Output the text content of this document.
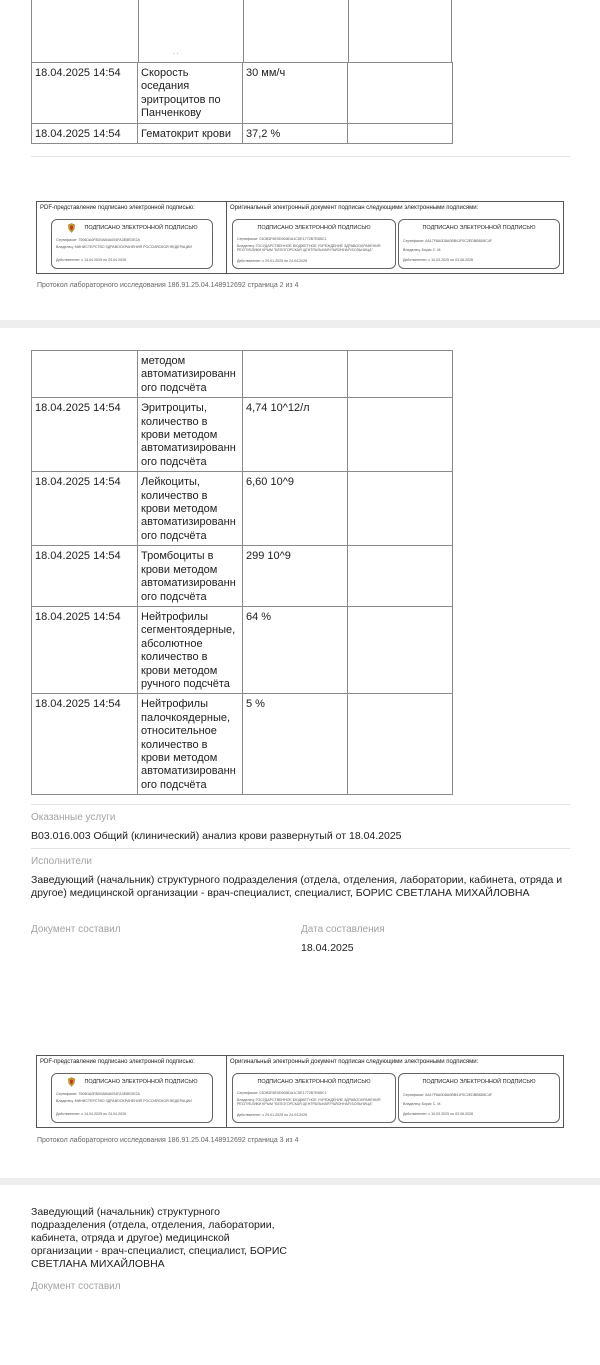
· ·
18.04.2025 14:54	Скорость оседания эритроцитов по Панченкову	30 мм/ч	
18.04.2025 14:54	Гематокрит крови	37,2 %	
PDF-представление подписано электронной подписью:
ПОДПИСАНО ЭЛЕКТРОННОЙ ПОДПИСЬЮ
Сертификат: 7506DA0F8D0AB4A004FA3E8EDE2A
Владелец: МИНИСТЕРСТВО ЗДРАВООХРАНЕНИЯ РОССИЙСКОЙ ФЕДЕРАЦИИ
Действителен: с 14.04.2025 по 24.04.2026
Оригинальный электронный документ подписан следующими электронными подписями:
ПОДПИСАНО ЭЛЕКТРОННОЙ ПОДПИСЬЮ
Сертификат: 01DB3F6E0D9D8DA1CDE1772B7E6BC1
Владелец: ГОСУДАРСТВЕННОЕ БЮДЖЕТНОЕ УЧРЕЖДЕНИЕ ЗДРАВООХРАНЕНИЯ РЕСПУБЛИКИ КРЫМ "БЕЛОГОРСКАЯ ЦЕНТРАЛЬНАЯ РАЙОННАЯ БОЛЬНИЦА"
Действителен: с 29.01.2025 по 24.04.2026
ПОДПИСАНО ЭЛЕКТРОННОЙ ПОДПИСЬЮ
Сертификат: 6A17F8A0D8A0BB41F0C2EDBB8D8C4F
Владелец: Борис С. М.
Действителен: с 10.03.2025 по 03.06.2026
Протокол лабораторного исследования 186.91.25.04.148912692 страница 2 из 4
	методом автоматизированн ого подсчёта		
18.04.2025 14:54	Эритроциты, количество в крови методом автоматизированн ого подсчёта	4,74 10^12/л	
18.04.2025 14:54	Лейкоциты, количество в крови методом автоматизированн ого подсчёта	6,60 10^9	
18.04.2025 14:54	Тромбоциты в крови методом автоматизированн ого подсчёта	299 10^9	
18.04.2025 14:54	Нейтрофилы сегментоядерные, абсолютное количество в крови методом ручного подсчёта	64 %	
18.04.2025 14:54	Нейтрофилы палочкоядерные, относительное количество в крови методом автоматизированн ого подсчёта	5 %	
Оказанные услуги
B03.016.003 Общий (клинический) анализ крови развернутый от 18.04.2025
Исполнители
Заведующий (начальник) структурного подразделения (отдела, отделения, лаборатории, кабинета, отряда и другое) медицинской организации - врач-специалист, специалист, БОРИС СВЕТЛАНА МИХАЙЛОВНА
Документ составил	Дата составления
18.04.2025
PDF-представление подписано электронной подписью:
ПОДПИСАНО ЭЛЕКТРОННОЙ ПОДПИСЬЮ
Сертификат: 7506DA0F8D0AB4A004FA3E8EDE2A
Владелец: МИНИСТЕРСТВО ЗДРАВООХРАНЕНИЯ РОССИЙСКОЙ ФЕДЕРАЦИИ
Действителен: с 14.04.2025 по 24.04.2026
Оригинальный электронный документ подписан следующими электронными подписями:
ПОДПИСАНО ЭЛЕКТРОННОЙ ПОДПИСЬЮ
Сертификат: 01DB3F6E0D9D8DA1CDE1772B7E6BC1
Владелец: ГОСУДАРСТВЕННОЕ БЮДЖЕТНОЕ УЧРЕЖДЕНИЕ ЗДРАВООХРАНЕНИЯ РЕСПУБЛИКИ КРЫМ "БЕЛОГОРСКАЯ ЦЕНТРАЛЬНАЯ РАЙОННАЯ БОЛЬНИЦА"
Действителен: с 29.01.2025 по 24.04.2026
ПОДПИСАНО ЭЛЕКТРОННОЙ ПОДПИСЬЮ
Сертификат: 6A17F8A0D8A0BB41F0C2EDBB8D8C4F
Владелец: Борис С. М.
Действителен: с 10.03.2025 по 03.06.2026
Протокол лабораторного исследования 186.91.25.04.148912692 страница 3 из 4
Заведующий (начальник) структурного подразделения (отдела, отделения, лаборатории, кабинета, отряда и другое) медицинской организации - врач-специалист, специалист, БОРИС СВЕТЛАНА МИХАЙЛОВНА
Документ составил
